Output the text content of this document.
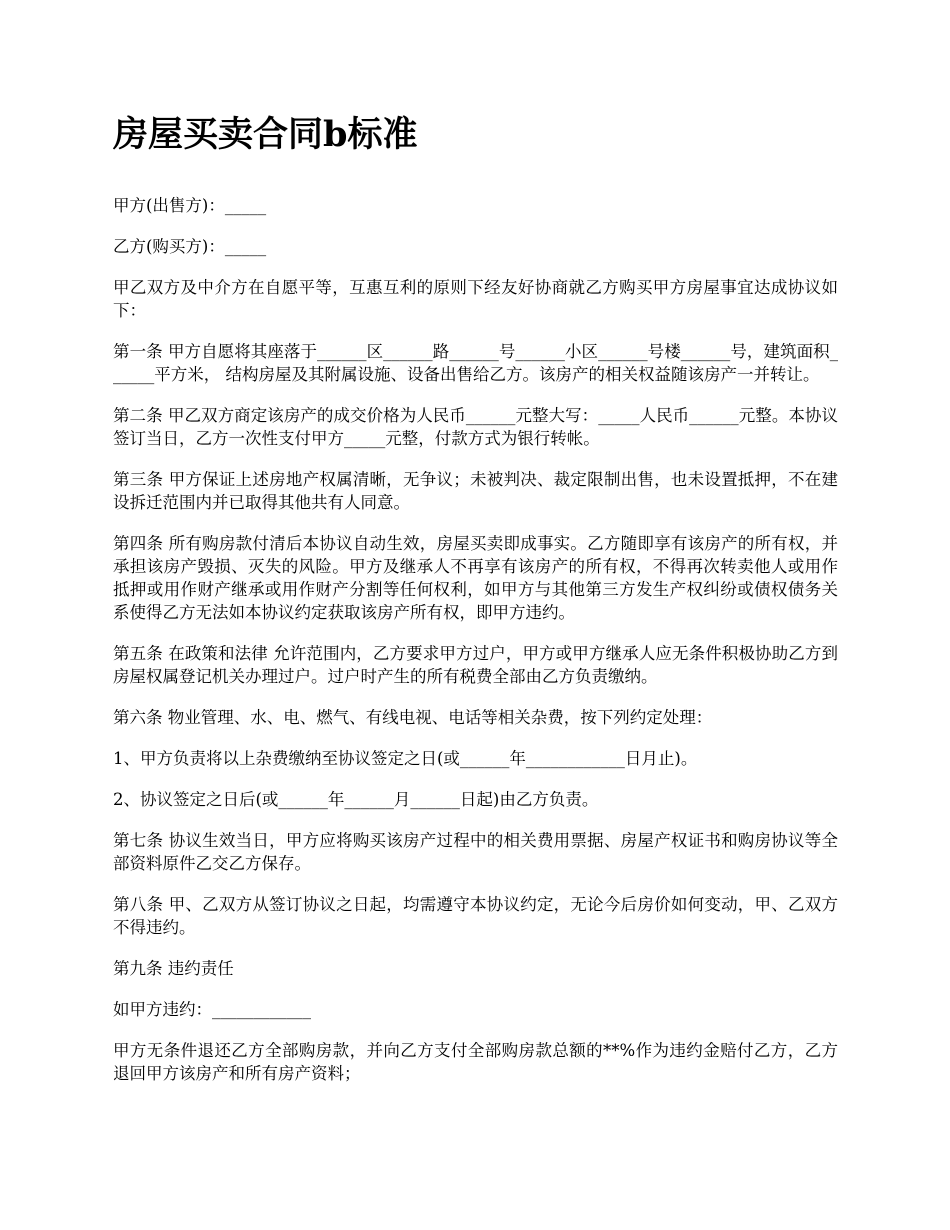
房屋买卖合同b标准

甲方(出售方)：_____

乙方(购买方)：_____

甲乙双方及中介方在自愿平等，互惠互利的原则下经友好协商就乙方购买甲方房屋事宜达成协议如下：

第一条 甲方自愿将其座落于______区______路______号______小区______号楼______号，建筑面积______平方米， 结构房屋及其附属设施、设备出售给乙方。该房产的相关权益随该房产一并转让。

第二条 甲乙双方商定该房产的成交价格为人民币______元整大写：_____人民币______元整。本协议签订当日，乙方一次性支付甲方_____元整，付款方式为银行转帐。

第三条 甲方保证上述房地产权属清晰，无争议；未被判决、裁定限制出售，也未设置抵押，不在建设拆迁范围内并已取得其他共有人同意。

第四条 所有购房款付清后本协议自动生效，房屋买卖即成事实。乙方随即享有该房产的所有权，并承担该房产毁损、灭失的风险。甲方及继承人不再享有该房产的所有权，不得再次转卖他人或用作抵押或用作财产继承或用作财产分割等任何权利，如甲方与其他第三方发生产权纠纷或债权债务关系使得乙方无法如本协议约定获取该房产所有权，即甲方违约。

第五条 在政策和法律 允许范围内，乙方要求甲方过户，甲方或甲方继承人应无条件积极协助乙方到房屋权属登记机关办理过户。过户时产生的所有税费全部由乙方负责缴纳。

第六条 物业管理、水、电、燃气、有线电视、电话等相关杂费，按下列约定处理：

1、甲方负责将以上杂费缴纳至协议签定之日(或______年____________日月止)。

2、协议签定之日后(或______年______月______日起)由乙方负责。

第七条 协议生效当日，甲方应将购买该房产过程中的相关费用票据、房屋产权证书和购房协议等全部资料原件乙交乙方保存。

第八条 甲、乙双方从签订协议之日起，均需遵守本协议约定，无论今后房价如何变动，甲、乙双方不得违约。

第九条 违约责任

如甲方违约：____________

甲方无条件退还乙方全部购房款，并向乙方支付全部购房款总额的**%作为违约金赔付乙方，乙方退回甲方该房产和所有房产资料；
